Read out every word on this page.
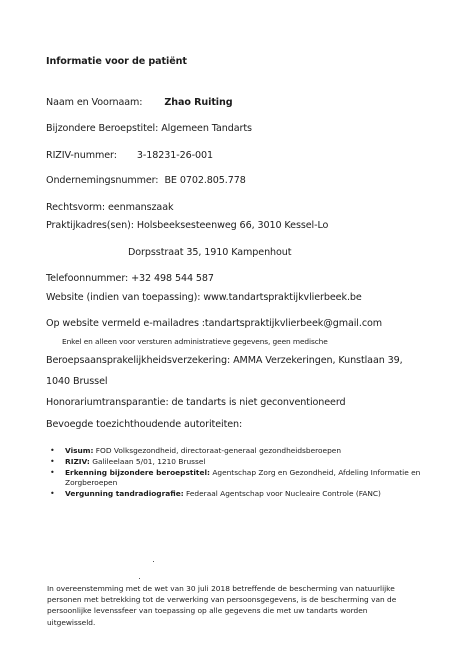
Informatie voor de patiënt
Naam en Voornaam: Zhao Ruiting
Bijzondere Beroepstitel: Algemeen Tandarts
RIZIV-nummer: 3-18231-26-001
Ondernemingsnummer: BE 0702.805.778
Rechtsvorm: eenmanszaak
Praktijkadres(sen): Holsbeeksesteenweg 66, 3010 Kessel-Lo
Dorpsstraat 35, 1910 Kampenhout
Telefoonnummer: +32 498 544 587
Website (indien van toepassing): www.tandartspraktijkvlierbeek.be
Op website vermeld e-mailadres :tandartspraktijkvlierbeek@gmail.com
Enkel en alleen voor versturen administratieve gegevens, geen medische
Beroepsaansprakelijkheidsverzekering: AMMA Verzekeringen, Kunstlaan 39,
1040 Brussel
Honorariumtransparantie: de tandarts is niet geconventioneerd
Bevoegde toezichthoudende autoriteiten:
• Visum: FOD Volksgezondheid, directoraat-generaal gezondheidsberoepen
• RIZIV: Galileelaan 5/01, 1210 Brussel
• Erkenning bijzondere beroepstitel: Agentschap Zorg en Gezondheid, Afdeling Informatie en Zorgberoepen
• Vergunning tandradiografie: Federaal Agentschap voor Nucleaire Controle (FANC)
In overeenstemming met de wet van 30 juli 2018 betreffende de bescherming van natuurlijke personen met betrekking tot de verwerking van persoonsgegevens, is de bescherming van de persoonlijke levenssfeer van toepassing op alle gegevens die met uw tandarts worden uitgewisseld.
